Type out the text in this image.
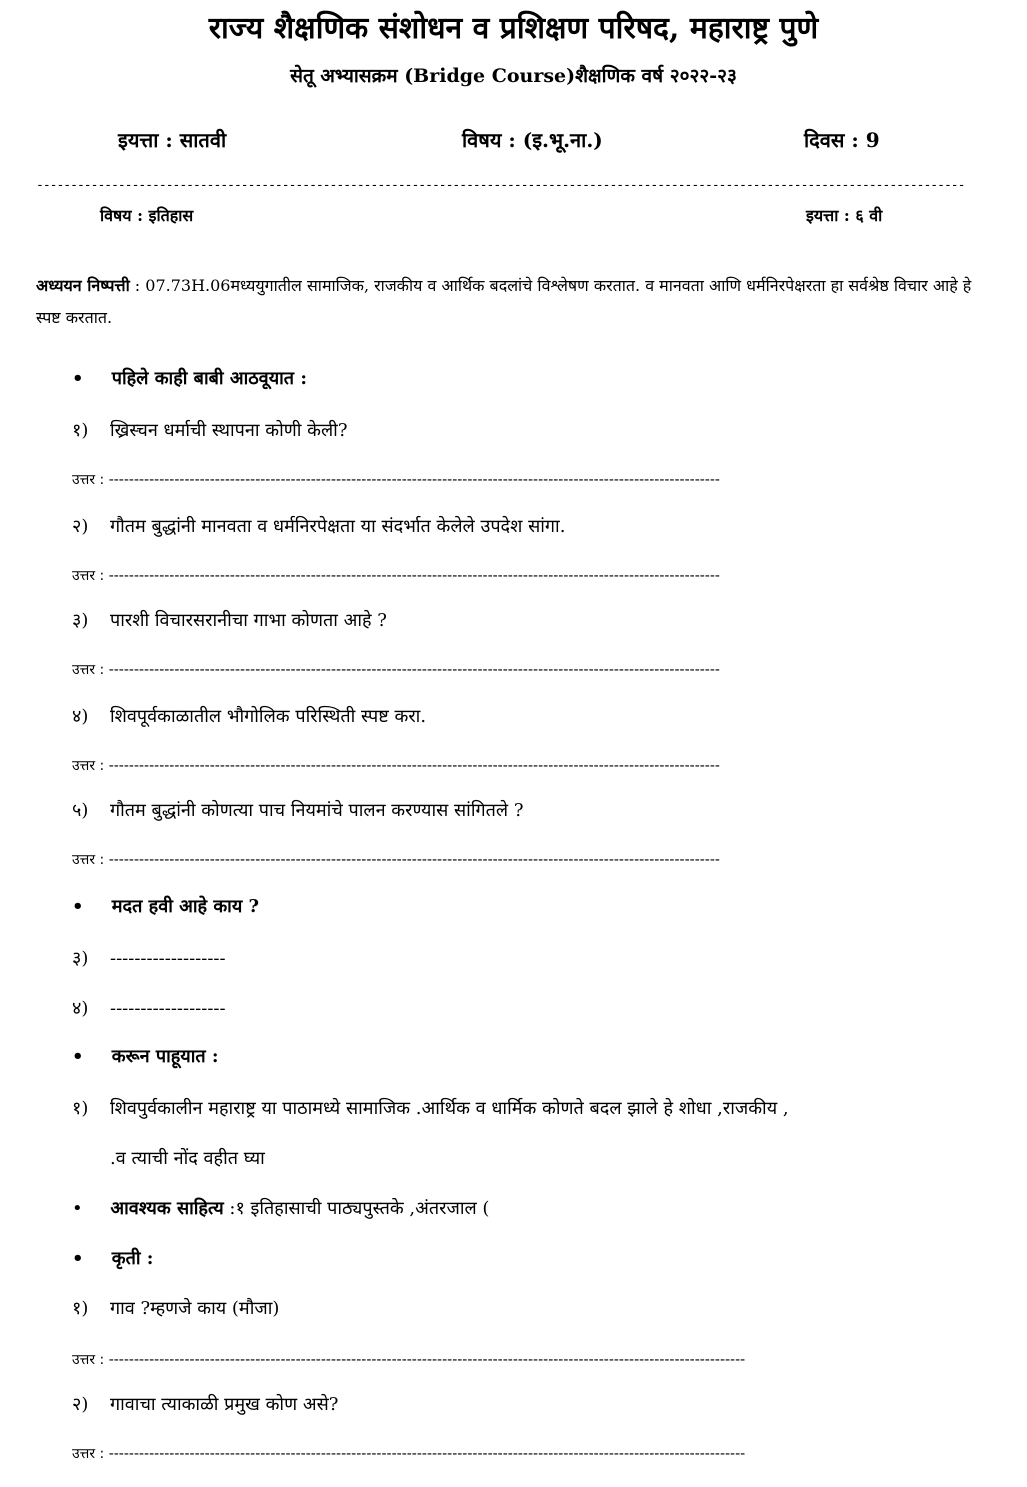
राज्य शैक्षणिक संशोधन व प्रशिक्षण परिषद, महाराष्ट्र पुणे
सेतू अभ्यासक्रम (Bridge Course)शैक्षणिक वर्ष २०२२-२३
इयत्ता : सातवी	विषय : (इ.भू.ना.)	दिवस : 9
----------------------------------------------------------------------------------------------------------------------------------------
विषय : इतिहास	इयत्ता : ६ वी
अध्ययन निष्पत्ती : 07.73H.06मध्ययुगातील सामाजिक, राजकीय व आर्थिक बदलांचे विश्लेषण करतात. व मानवता आणि धर्मनिरपेक्षरता हा सर्वश्रेष्ठ विचार आहे हे स्पष्ट करतात.
• पहिले काही बाबी आठवूयात :
१) ख्रिस्चन धर्माची स्थापना कोणी केली?
उत्तर : -------------------------------------------------------------------------------------------------------------------------
२) गौतम बुद्धांनी मानवता व धर्मनिरपेक्षता या संदर्भात केलेले उपदेश सांगा.
उत्तर : -------------------------------------------------------------------------------------------------------------------------
३) पारशी विचारसरानीचा गाभा कोणता आहे ?
उत्तर : -------------------------------------------------------------------------------------------------------------------------
४) शिवपूर्वकाळातील भौगोलिक परिस्थिती स्पष्ट करा.
उत्तर : -------------------------------------------------------------------------------------------------------------------------
५) गौतम बुद्धांनी कोणत्या पाच नियमांचे पालन करण्यास सांगितले ?
उत्तर : -------------------------------------------------------------------------------------------------------------------------
• मदत हवी आहे काय ?
३) -------------------
४) -------------------
• करून पाहूयात :
१) शिवपुर्वकालीन महाराष्ट्र या पाठामध्ये सामाजिक .आर्थिक व धार्मिक कोणते बदल झाले हे शोधा ,राजकीय ,
.व त्याची नोंद वहीत घ्या
• आवश्यक साहित्य :१ इतिहासाची पाठ्यपुस्तके ,अंतरजाल (
• कृती :
१) गाव ?म्हणजे काय (मौजा)
उत्तर : ------------------------------------------------------------------------------------------------------------------------------
२) गावाचा त्याकाळी प्रमुख कोण असे?
उत्तर : ------------------------------------------------------------------------------------------------------------------------------
